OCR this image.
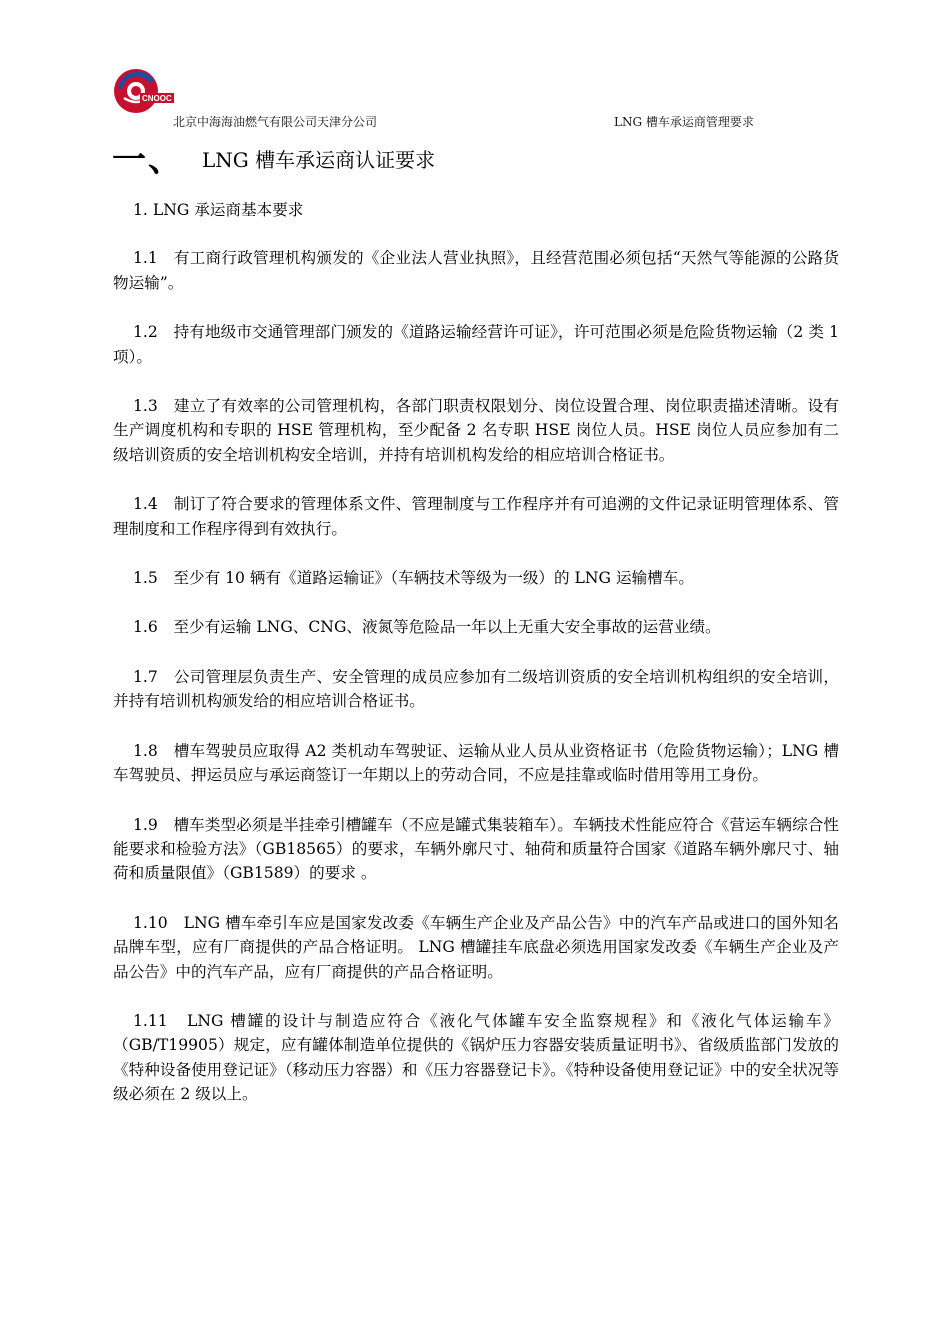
CNOOC
北京中海海油燃气有限公司天津分公司	LNG 槽车承运商管理要求
一、 LNG 槽车承运商认证要求

1. LNG 承运商基本要求

1.1　有工商行政管理机构颁发的《企业法人营业执照》，且经营范围必须包括“天然气等能源的公路货物运输”。

1.2　持有地级市交通管理部门颁发的《道路运输经营许可证》，许可范围必须是危险货物运输（2 类 1 项）。

1.3　建立了有效率的公司管理机构，各部门职责权限划分、岗位设置合理、岗位职责描述清晰。设有生产调度机构和专职的 HSE 管理机构，至少配备 2 名专职 HSE 岗位人员。HSE 岗位人员应参加有二级培训资质的安全培训机构安全培训，并持有培训机构发给的相应培训合格证书。

1.4　制订了符合要求的管理体系文件、管理制度与工作程序并有可追溯的文件记录证明管理体系、管理制度和工作程序得到有效执行。

1.5　至少有 10 辆有《道路运输证》（车辆技术等级为一级）的 LNG 运输槽车。

1.6　至少有运输 LNG、CNG、液氮等危险品一年以上无重大安全事故的运营业绩。

1.7　公司管理层负责生产、安全管理的成员应参加有二级培训资质的安全培训机构组织的安全培训，并持有培训机构颁发给的相应培训合格证书。

1.8　槽车驾驶员应取得 A2 类机动车驾驶证、运输从业人员从业资格证书（危险货物运输）；LNG 槽车驾驶员、押运员应与承运商签订一年期以上的劳动合同，不应是挂靠或临时借用等用工身份。

1.9　槽车类型必须是半挂牵引槽罐车（不应是罐式集装箱车）。车辆技术性能应符合《营运车辆综合性能要求和检验方法》（GB18565）的要求，车辆外廓尺寸、轴荷和质量符合国家《道路车辆外廓尺寸、轴荷和质量限值》（GB1589）的要求 。

1.10　LNG 槽车牵引车应是国家发改委《车辆生产企业及产品公告》中的汽车产品或进口的国外知名品牌车型，应有厂商提供的产品合格证明。 LNG 槽罐挂车底盘必须选用国家发改委《车辆生产企业及产品公告》中的汽车产品，应有厂商提供的产品合格证明。

1.11　LNG 槽罐的设计与制造应符合《液化气体罐车安全监察规程》和《液化气体运输车》（GB/T19905）规定，应有罐体制造单位提供的《锅炉压力容器安装质量证明书》、省级质监部门发放的《特种设备使用登记证》（移动压力容器）和《压力容器登记卡》。《特种设备使用登记证》中的安全状况等级必须在 2 级以上。
